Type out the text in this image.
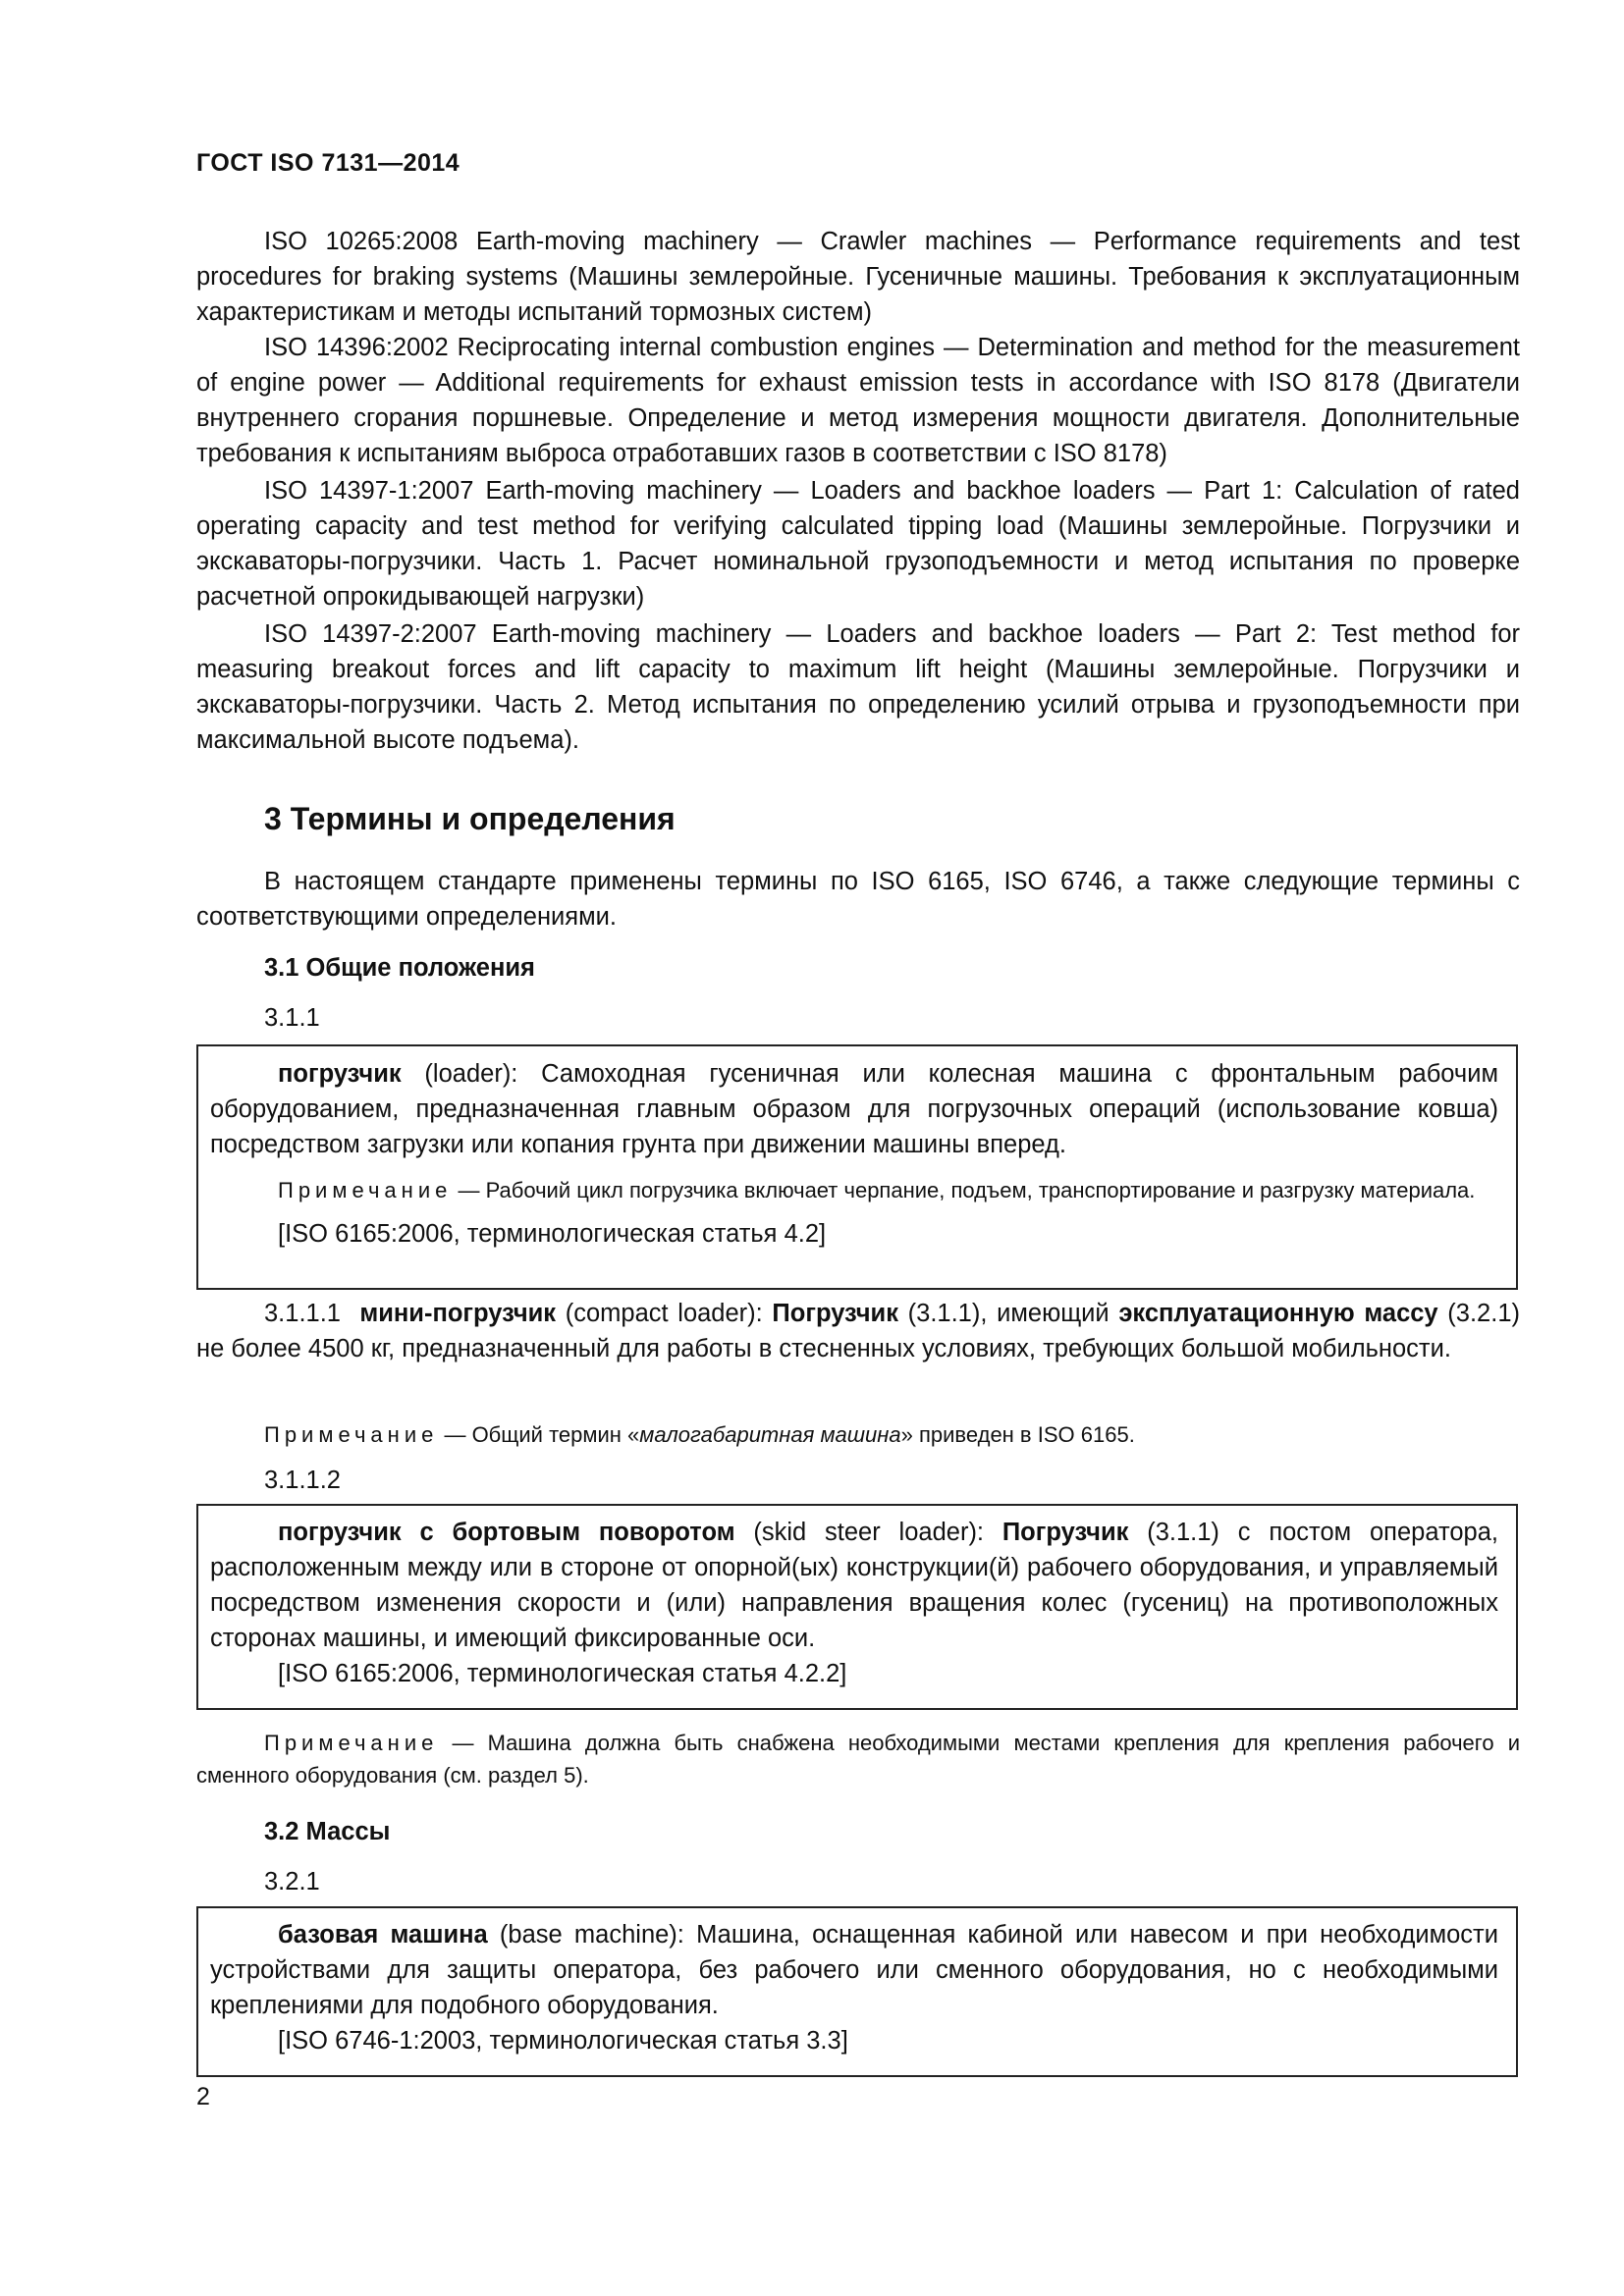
ГОСТ ISO 7131—2014

ISO 10265:2008 Earth-moving machinery — Crawler machines — Performance requirements and test procedures for braking systems (Машины землеройные. Гусеничные машины. Требования к эксплуатационным характеристикам и методы испытаний тормозных систем)

ISO 14396:2002 Reciprocating internal combustion engines — Determination and method for the measurement of engine power — Additional requirements for exhaust emission tests in accordance with ISO 8178 (Двигатели внутреннего сгорания поршневые. Определение и метод измерения мощности двигателя. Дополнительные требования к испытаниям выброса отработавших газов в соответствии с ISO 8178)

ISO 14397-1:2007 Earth-moving machinery — Loaders and backhoe loaders — Part 1: Calculation of rated operating capacity and test method for verifying calculated tipping load (Машины землеройные. Погрузчики и экскаваторы-погрузчики. Часть 1. Расчет номинальной грузоподъемности и метод испытания по проверке расчетной опрокидывающей нагрузки)

ISO 14397-2:2007 Earth-moving machinery — Loaders and backhoe loaders — Part 2: Test method for measuring breakout forces and lift capacity to maximum lift height (Машины землеройные. Погрузчики и экскаваторы-погрузчики. Часть 2. Метод испытания по определению усилий отрыва и грузоподъемности при максимальной высоте подъема).

3 Термины и определения

В настоящем стандарте применены термины по ISO 6165, ISO 6746, а также следующие термины с соответствующими определениями.

3.1 Общие положения
3.1.1

погрузчик (loader): Самоходная гусеничная или колесная машина с фронтальным рабочим оборудованием, предназначенная главным образом для погрузочных операций (использование ковша) посредством загрузки или копания грунта при движении машины вперед.

Примечание — Рабочий цикл погрузчика включает черпание, подъем, транспортирование и разгрузку материала.

[ISO 6165:2006, терминологическая статья 4.2]

3.1.1.1 мини-погрузчик (compact loader): Погрузчик (3.1.1), имеющий эксплуатационную массу (3.2.1) не более 4500 кг, предназначенный для работы в стесненных условиях, требующих большой мобильности.

Примечание — Общий термин «малогабаритная машина» приведен в ISO 6165.

3.1.1.2

погрузчик с бортовым поворотом (skid steer loader): Погрузчик (3.1.1) с постом оператора, расположенным между или в стороне от опорной(ых) конструкции(й) рабочего оборудования, и управляемый посредством изменения скорости и (или) направления вращения колес (гусениц) на противоположных сторонах машины, и имеющий фиксированные оси.

[ISO 6165:2006, терминологическая статья 4.2.2]

Примечание — Машина должна быть снабжена необходимыми местами крепления для крепления рабочего и сменного оборудования (см. раздел 5).

3.2 Массы
3.2.1

базовая машина (base machine): Машина, оснащенная кабиной или навесом и при необходимости устройствами для защиты оператора, без рабочего или сменного оборудования, но с необходимыми креплениями для подобного оборудования.

[ISO 6746-1:2003, терминологическая статья 3.3]

2
